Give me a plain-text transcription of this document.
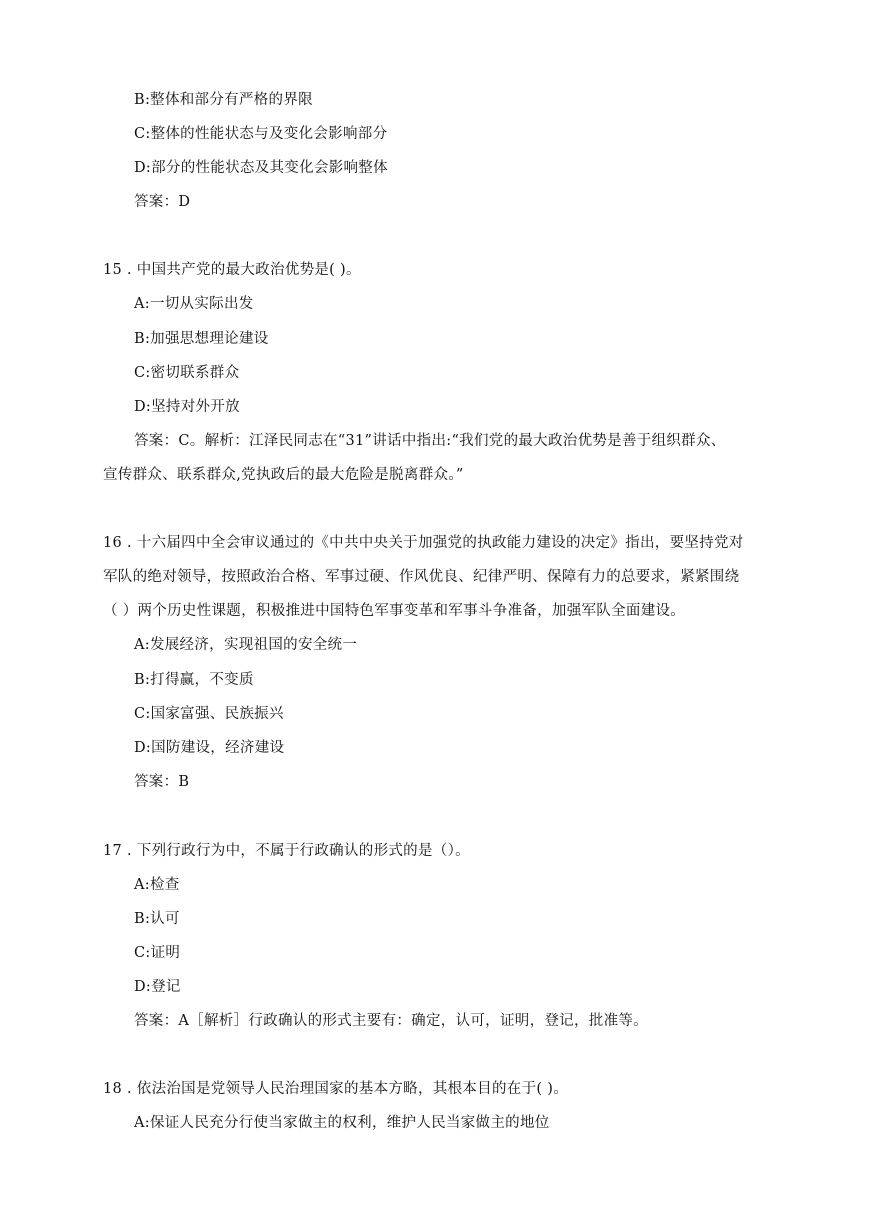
B:整体和部分有严格的界限
C:整体的性能状态与及变化会影响部分
D:部分的性能状态及其变化会影响整体
答案：D
15 . 中国共产党的最大政治优势是( )。
A:一切从实际出发
B:加强思想理论建设
C:密切联系群众
D:坚持对外开放
答案：C。解析：江泽民同志在“31”讲话中指出:“我们党的最大政治优势是善于组织群众、
宣传群众、联系群众,党执政后的最大危险是脱离群众。”
16 . 十六届四中全会审议通过的《中共中央关于加强党的执政能力建设的决定》指出，要坚持党对
军队的绝对领导，按照政治合格、军事过硬、作风优良、纪律严明、保障有力的总要求，紧紧围绕
（ ）两个历史性课题，积极推进中国特色军事变革和军事斗争准备，加强军队全面建设。
A:发展经济，实现祖国的安全统一
B:打得赢，不变质
C:国家富强、民族振兴
D:国防建设，经济建设
答案：B
17 . 下列行政行为中，不属于行政确认的形式的是（）。
A:检查
B:认可
C:证明
D:登记
答案：A［解析］行政确认的形式主要有：确定，认可，证明，登记，批准等。
18 . 依法治国是党领导人民治理国家的基本方略，其根本目的在于( )。
A:保证人民充分行使当家做主的权利，维护人民当家做主的地位
